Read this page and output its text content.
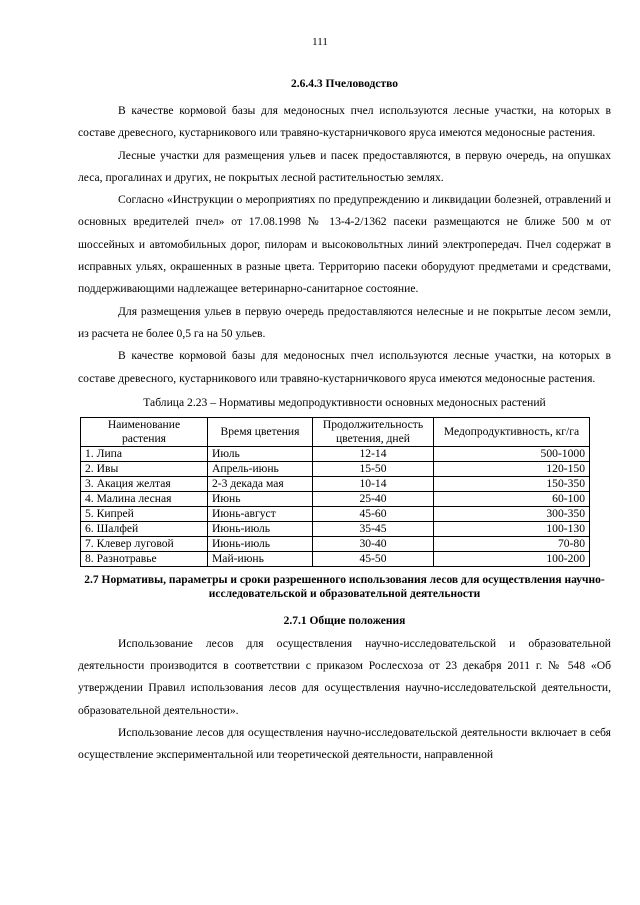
111
2.6.4.3 Пчеловодство

В качестве кормовой базы для медоносных пчел используются лесные участки, на которых в составе древесного, кустарникового или травяно-кустарничкового яруса имеются медоносные растения.

Лесные участки для размещения ульев и пасек предоставляются, в первую очередь, на опушках леса, прогалинах и других, не покрытых лесной растительностью землях.

Согласно «Инструкции о мероприятиях по предупреждению и ликвидации болезней, отравлений и основных вредителей пчел» от 17.08.1998 № 13-4-2/1362 пасеки размещаются не ближе 500 м от шоссейных и автомобильных дорог, пилорам и высоковольтных линий электропередач. Пчел содержат в исправных ульях, окрашенных в разные цвета. Территорию пасеки оборудуют предметами и средствами, поддерживающими надлежащее ветеринарно-санитарное состояние.

Для размещения ульев в первую очередь предоставляются нелесные и не покрытые лесом земли, из расчета не более 0,5 га на 50 ульев.

В качестве кормовой базы для медоносных пчел используются лесные участки, на которых в составе древесного, кустарникового или травяно-кустарничкового яруса имеются медоносные растения.

Таблица 2.23 – Нормативы медопродуктивности основных медоносных растений
Наименование растения	Время цветения	Продолжительность цветения, дней	Медопродуктивность, кг/га
1. Липа	Июль	12-14	500-1000
2. Ивы	Апрель-июнь	15-50	120-150
3. Акация желтая	2-3 декада мая	10-14	150-350
4. Малина лесная	Июнь	25-40	60-100
5. Кипрей	Июнь-август	45-60	300-350
6. Шалфей	Июнь-июль	35-45	100-130
7. Клевер луговой	Июнь-июль	30-40	70-80
8. Разнотравье	Май-июнь	45-50	100-200
2.7 Нормативы, параметры и сроки разрешенного использования лесов для осуществления научно-исследовательской и образовательной деятельности
2.7.1 Общие положения

Использование лесов для осуществления научно-исследовательской и образовательной деятельности производится в соответствии с приказом Рослесхоза от 23 декабря 2011 г. № 548 «Об утверждении Правил использования лесов для осуществления научно-исследовательской деятельности, образовательной деятельности».

Использование лесов для осуществления научно-исследовательской деятельности включает в себя осуществление экспериментальной или теоретической деятельности, направленной
